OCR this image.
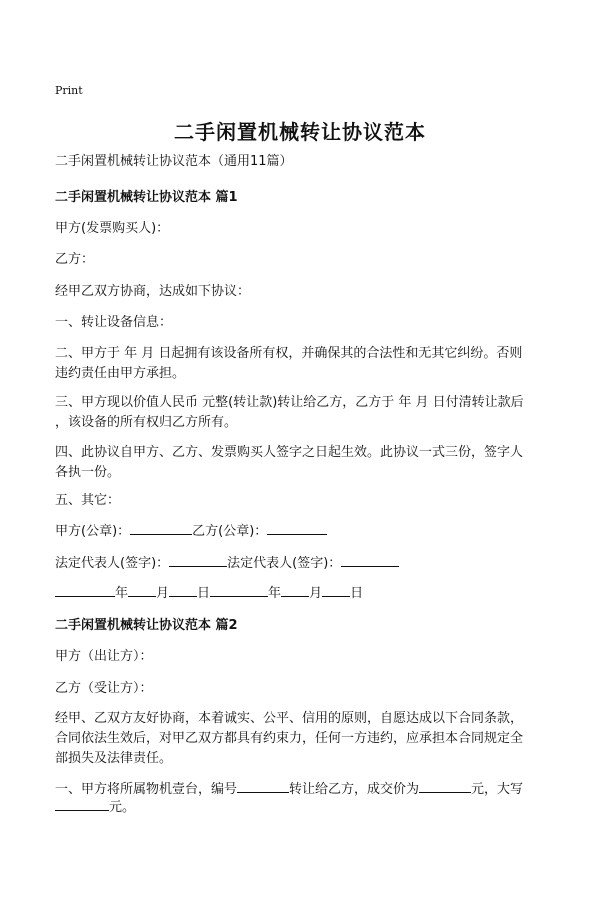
Print
二手闲置机械转让协议范本
二手闲置机械转让协议范本（通用11篇）
二手闲置机械转让协议范本 篇1
甲方(发票购买人)：
乙方：
经甲乙双方协商，达成如下协议：
一、转让设备信息：
二、甲方于 年 月 日起拥有该设备所有权，并确保其的合法性和无其它纠纷。否则
违约责任由甲方承担。
三、甲方现以价值人民币 元整(转让款)转让给乙方，乙方于 年 月 日付清转让款后
，该设备的所有权归乙方所有。
四、此协议自甲方、乙方、发票购买人签字之日起生效。此协议一式三份，签字人
各执一份。
五、其它：
甲方(公章)：	乙方(公章)：
法定代表人(签字)：	法定代表人(签字)：
年 月 日	年 月 日
二手闲置机械转让协议范本 篇2
甲方（出让方）：
乙方（受让方）：
经甲、乙双方友好协商，本着诚实、公平、信用的原则，自愿达成以下合同条款，
合同依法生效后，对甲乙双方都具有约束力，任何一方违约，应承担本合同规定全
部损失及法律责任。
一、甲方将所属物机壹台，编号	转让给乙方，成交价为	元，大写
元。
